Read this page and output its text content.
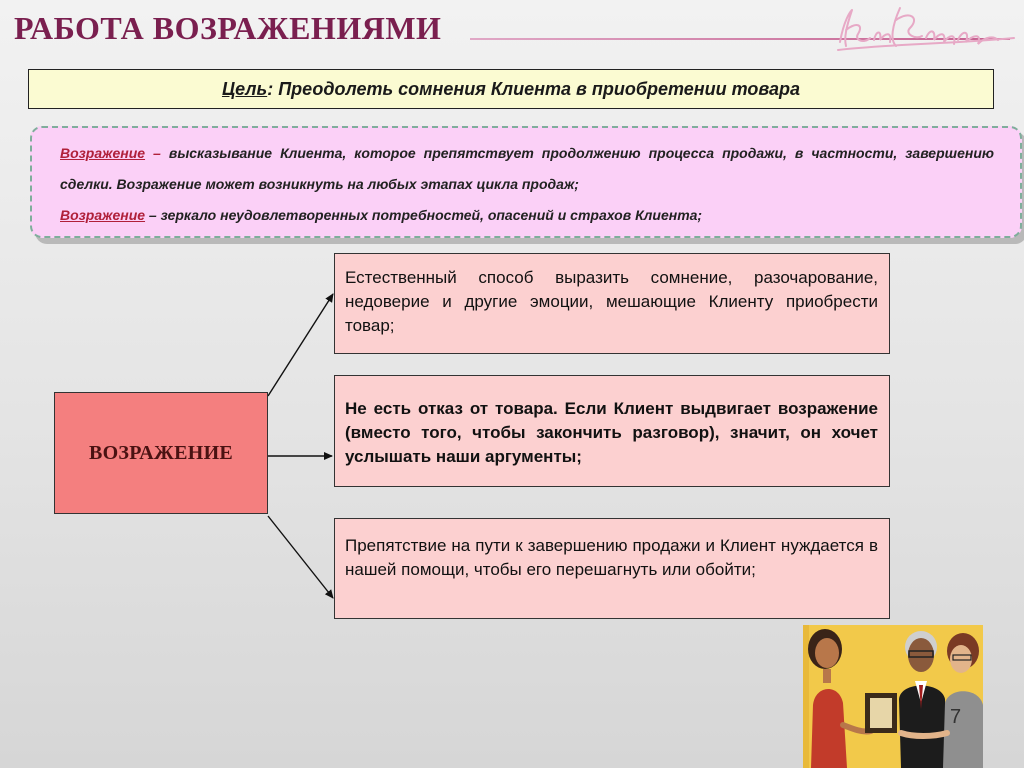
РАБОТА ВОЗРАЖЕНИЯМИ
Цель : Преодолеть сомнения Клиента в приобретении товара

Возражение – высказывание Клиента, которое препятствует продолжению процесса продажи, в частности, завершению сделки. Возражение может возникнуть на любых этапах цикла продаж;

Возражение – зеркало неудовлетворенных потребностей, опасений и страхов Клиента;

ВОЗРАЖЕНИЕ
Естественный способ выразить сомнение, разочарование, недоверие и другие эмоции, мешающие Клиенту приобрести товар;
Не есть отказ от товара. Если Клиент выдвигает возражение (вместо того, чтобы закончить разговор), значит, он хочет услышать наши аргументы;
Препятствие на пути к завершению продажи и Клиент нуждается в нашей помощи, чтобы его перешагнуть или обойти;
7
